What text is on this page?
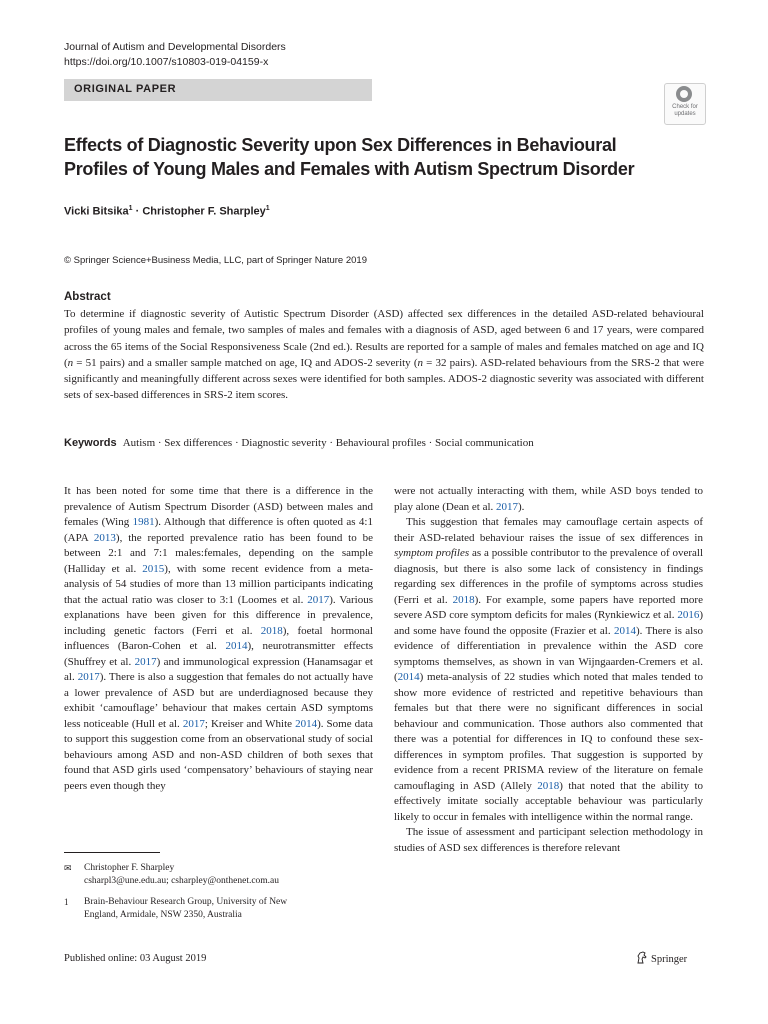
Journal of Autism and Developmental Disorders
https://doi.org/10.1007/s10803-019-04159-x
ORIGINAL PAPER
Check for updates
Effects of Diagnostic Severity upon Sex Differences in Behavioural Profiles of Young Males and Females with Autism Spectrum Disorder
Vicki Bitsika$^1$ · Christopher F. Sharpley$^1$
© Springer Science+Business Media, LLC, part of Springer Nature 2019
Abstract

To determine if diagnostic severity of Autistic Spectrum Disorder (ASD) affected sex differences in the detailed ASD-related behavioural profiles of young males and female, two samples of males and females with a diagnosis of ASD, aged between 6 and 17 years, were compared across the 65 items of the Social Responsiveness Scale (2nd ed.). Results are reported for a sample of males and females matched on age and IQ (n = 51 pairs) and a smaller sample matched on age, IQ and ADOS-2 severity (n = 32 pairs). ASD-related behaviours from the SRS-2 that were significantly and meaningfully different across sexes were identified for both samples. ADOS-2 diagnostic severity was associated with different sets of sex-based differences in SRS-2 item scores.

Keywords Autism · Sex differences · Diagnostic severity · Behavioural profiles · Social communication

It has been noted for some time that there is a difference in the prevalence of Autism Spectrum Disorder (ASD) between males and females (Wing 1981). Although that difference is often quoted as 4:1 (APA 2013), the reported prevalence ratio has been found to be between 2:1 and 7:1 males:females, depending on the sample (Halliday et al. 2015), with some recent evidence from a meta-analysis of 54 studies of more than 13 million participants indicating that the actual ratio was closer to 3:1 (Loomes et al. 2017). Various explanations have been given for this difference in prevalence, including genetic factors (Ferri et al. 2018), foetal hormonal influences (Baron-Cohen et al. 2014), neurotransmitter effects (Shuffrey et al. 2017) and immunological expression (Hanamsagar et al. 2017). There is also a suggestion that females do not actually have a lower prevalence of ASD but are underdiagnosed because they exhibit ‘camouflage’ behaviour that makes certain ASD symptoms less noticeable (Hull et al. 2017; Kreiser and White 2014). Some data to support this suggestion come from an observational study of social behaviours among ASD and non-ASD children of both sexes that found that ASD girls used ‘compensatory’ behaviours of staying near peers even though they

were not actually interacting with them, while ASD boys tended to play alone (Dean et al. 2017).

This suggestion that females may camouflage certain aspects of their ASD-related behaviour raises the issue of sex differences in symptom profiles as a possible contributor to the prevalence of overall diagnosis, but there is also some lack of consistency in findings regarding sex differences in the profile of symptoms across studies (Ferri et al. 2018). For example, some papers have reported more severe ASD core symptom deficits for males (Rynkiewicz et al. 2016) and some have found the opposite (Frazier et al. 2014). There is also evidence of differentiation in prevalence within the ASD core symptoms themselves, as shown in van Wijngaarden-Cremers et al. (2014) meta-analysis of 22 studies which noted that males tended to show more evidence of restricted and repetitive behaviours than females but that there were no significant differences in social behaviour and communication. Those authors also commented that there was a potential for differences in IQ to confound these sex-differences in symptom profiles. That suggestion is supported by evidence from a recent PRISMA review of the literature on female camouflaging in ASD (Allely 2018) that noted that the ability to effectively imitate socially acceptable behaviour was particularly likely to occur in females with intelligence within the normal range.

The issue of assessment and participant selection methodology in studies of ASD sex differences is therefore relevant

✉ Christopher F. Sharpley
csharpl3@une.edu.au; csharpley@onthenet.com.au
1 Brain-Behaviour Research Group, University of New
England, Armidale, NSW 2350, Australia
Published online: 03 August 2019	Springer
